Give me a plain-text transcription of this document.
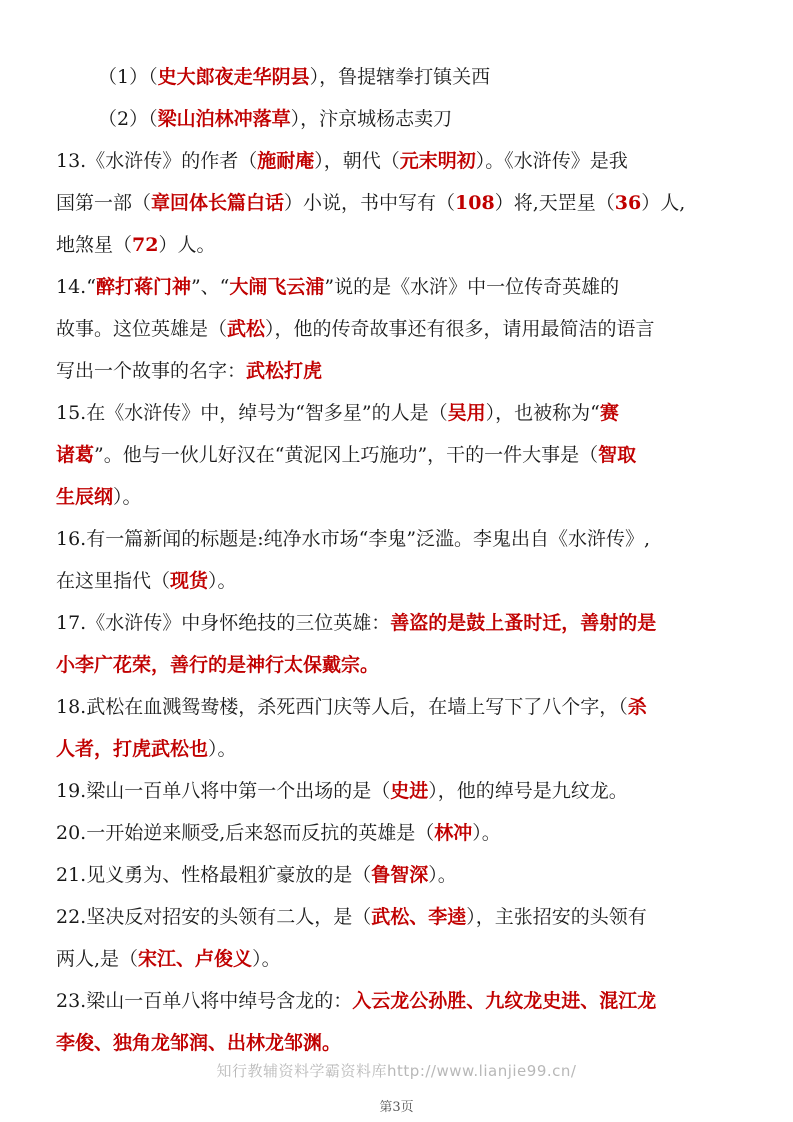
（1）（史大郎夜走华阴县），鲁提辖拳打镇关西
（2）（梁山泊林冲落草），汴京城杨志卖刀
13.《水浒传》的作者（施耐庵），朝代（元末明初）。《水浒传》是我
国第一部（章回体长篇白话）小说，书中写有（108）将,天罡星（36）人,
地煞星（72）人。
14.“醉打蒋门神”、“大闹飞云浦”说的是《水浒》中一位传奇英雄的
故事。这位英雄是（武松），他的传奇故事还有很多，请用最简洁的语言
写出一个故事的名字：武松打虎
15.在《水浒传》中，绰号为“智多星”的人是（吴用），也被称为“赛
诸葛”。他与一伙儿好汉在“黄泥冈上巧施功”，干的一件大事是（智取
生辰纲）。
16.有一篇新闻的标题是:纯净水市场“李鬼”泛滥。李鬼出自《水浒传》,
在这里指代（现货）。
17.《水浒传》中身怀绝技的三位英雄：善盗的是鼓上蚤时迁，善射的是
小李广花荣，善行的是神行太保戴宗。
18.武松在血溅鸳鸯楼，杀死西门庆等人后，在墙上写下了八个字，（杀
人者，打虎武松也）。
19.梁山一百单八将中第一个出场的是（史进），他的绰号是九纹龙。
20.一开始逆来顺受,后来怒而反抗的英雄是（林冲）。
21.见义勇为、性格最粗犷豪放的是（鲁智深）。
22.坚决反对招安的头领有二人，是（武松、李逵），主张招安的头领有
两人,是（宋江、卢俊义）。
23.梁山一百单八将中绰号含龙的：入云龙公孙胜、九纹龙史进、混江龙
李俊、独角龙邹润、出林龙邹渊。
知行教辅资料学霸资料库http://www.lianjie99.cn/
第3页
